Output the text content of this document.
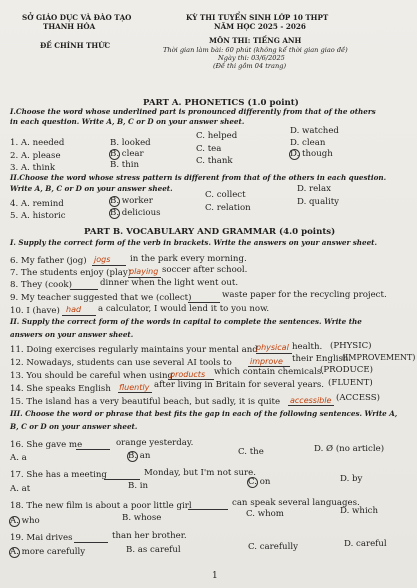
SỞ GIÁO DỤC VÀ ĐÀO TẠO
THANH HÓA
KỲ THI TUYỂN SINH LỚP 10 THPT
NĂM HỌC 2025 - 2026
ĐỀ CHÍNH THỨC
MÔN THI: TIẾNG ANH
Thời gian làm bài: 60 phút (không kể thời gian giao đề)
Ngày thi: 03/6/2025
(Đề thi gồm 04 trang)
PART A. PHONETICS (1.0 point)
I.Choose the word whose underlined part is pronounced differently from that of the others
in each question. Write A, B, C or D on your answer sheet.
1. A. needed	B. looked
C. helped	D. watched
2. A. please	B. clear	C. tea
D. clean
3. A. think	B. thin	C. thank
D. though
II.Choose the word whose stress pattern is different from that of the others in each question.
Write A, B, C or D on your answer sheet.
4. A. remind	B. worker
C. collect
D. relax
5. A. historic	B. delicious	C. relation
D. quality
PART B. VOCABULARY AND GRAMMAR (4.0 points)
I. Supply the correct form of the verb in brackets. Write the answers on your answer sheet.
6. My father (jog) jogs in the park every morning.
7. The students enjoy (play)
playing soccer after school.
8. They (cook)	dinner when the light went out.
9. My teacher suggested that we (collect)	waste paper for the recycling project.
10. I (have) had a calculator, I would lend it to you now.
II. Supply the correct form of the words in capital to complete the sentences. Write the
answers on your answer sheet.
11. Doing exercises regularly maintains your mental and
physical health. (PHYSIC)
12. Nowadays, students can use several AI tools to improve their English.
(IMPROVEMENT)
13. You should be careful when using
products which contain chemicals.
(PRODUCE)
14. She speaks English fluently after living in Britain for several years. (FLUENT)
15. The island has a very beautiful beach, but sadly, it is quite accessible (ACCESS)
III. Choose the word or phrase that best fits the gap in each of the following sentences. Write A,
B, C or D on your answer sheet.
16. She gave me	orange yesterday.
A. a	B. an	C. the	D. Ø (no article)
17. She has a meeting	Monday, but I'm not sure.
A. at	B. in	C. on	D. by
18. The new film is about a poor little girl	can speak several languages.
A. who	B. whose	C. whom	D. which
19. Mai drives	than her brother.
A. more carefully	B. as careful	C. carefully	D. careful
1
